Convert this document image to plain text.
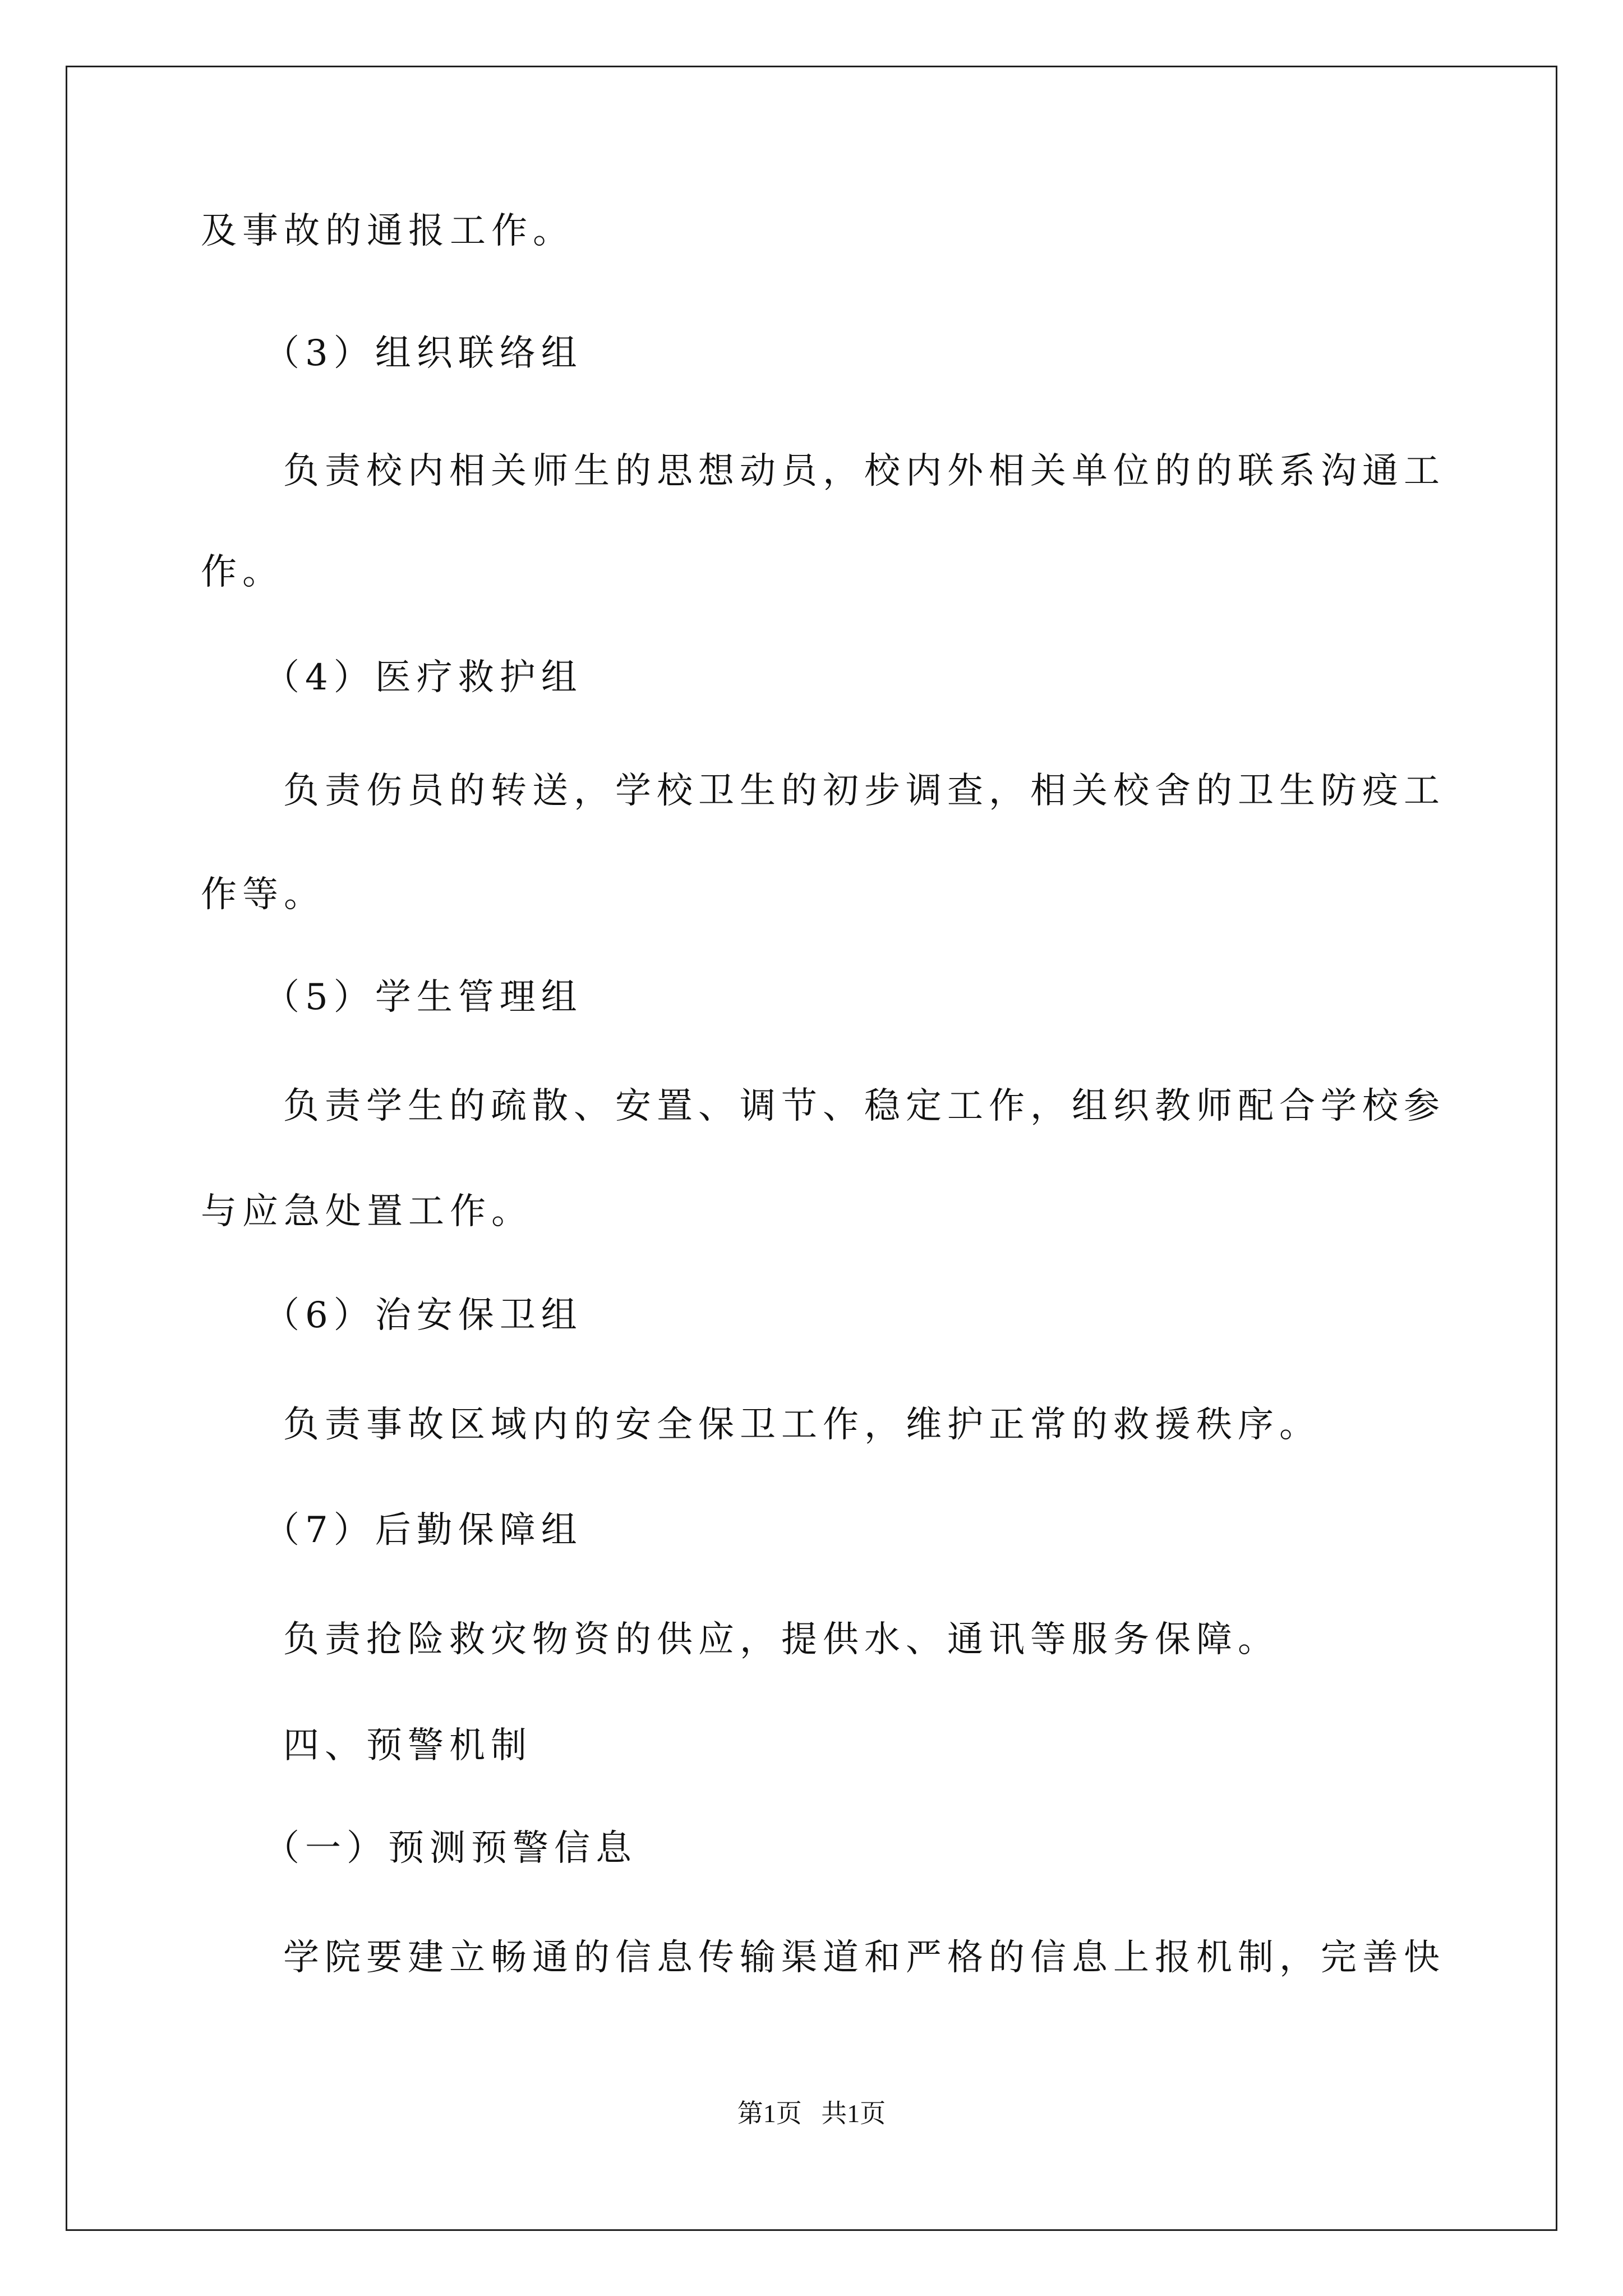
及事故的通报工作。
（3）组织联络组
负责校内相关师生的思想动员，校内外相关单位的的联系沟通工
作。
（4）医疗救护组
负责伤员的转送，学校卫生的初步调查，相关校舍的卫生防疫工
作等。
（5）学生管理组
负责学生的疏散、安置、调节、稳定工作，组织教师配合学校参
与应急处置工作。
（6）治安保卫组
负责事故区域内的安全保卫工作，维护正常的救援秩序。
（7）后勤保障组
负责抢险救灾物资的供应，提供水、通讯等服务保障。
四、预警机制
（一）预测预警信息
学院要建立畅通的信息传输渠道和严格的信息上报机制，完善快
第1页   共1页
